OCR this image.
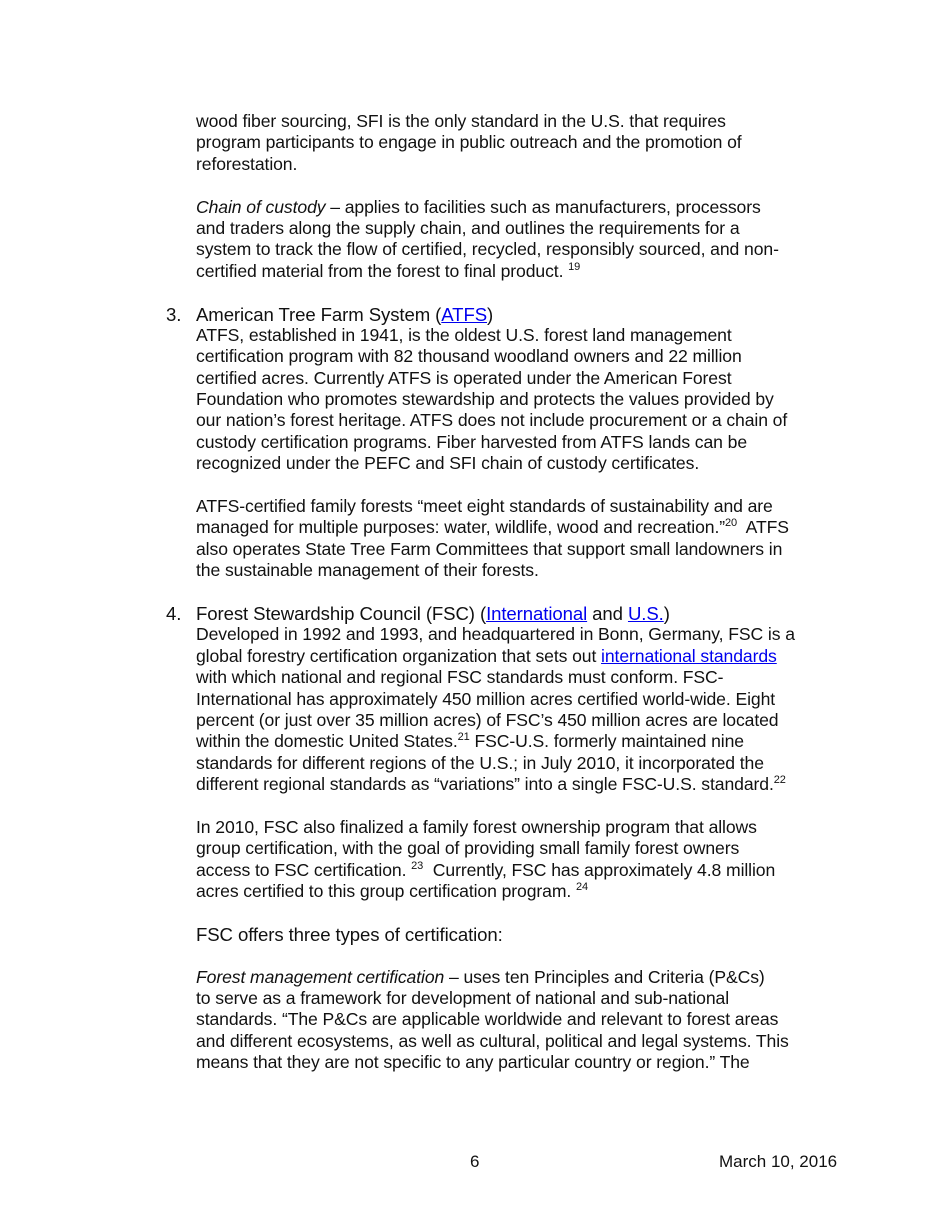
wood fiber sourcing, SFI is the only standard in the U.S. that requires
program participants to engage in public outreach and the promotion of
reforestation.
Chain of custody – applies to facilities such as manufacturers, processors
and traders along the supply chain, and outlines the requirements for a
system to track the flow of certified, recycled, responsibly sourced, and non-
certified material from the forest to final product. $^{19}$
3. American Tree Farm System (ATFS)
ATFS, established in 1941, is the oldest U.S. forest land management
certification program with 82 thousand woodland owners and 22 million
certified acres. Currently ATFS is operated under the American Forest
Foundation who promotes stewardship and protects the values provided by
our nation’s forest heritage. ATFS does not include procurement or a chain of
custody certification programs. Fiber harvested from ATFS lands can be
recognized under the PEFC and SFI chain of custody certificates.
ATFS-certified family forests “meet eight standards of sustainability and are
managed for multiple purposes: water, wildlife, wood and recreation.”$^{20}$  ATFS
also operates State Tree Farm Committees that support small landowners in
the sustainable management of their forests.
4. Forest Stewardship Council (FSC) (International and U.S.)
Developed in 1992 and 1993, and headquartered in Bonn, Germany, FSC is a
global forestry certification organization that sets out international standards
with which national and regional FSC standards must conform. FSC-
International has approximately 450 million acres certified world-wide. Eight
percent (or just over 35 million acres) of FSC’s 450 million acres are located
within the domestic United States.$^{21}$ FSC-U.S. formerly maintained nine
standards for different regions of the U.S.; in July 2010, it incorporated the
different regional standards as “variations” into a single FSC-U.S. standard.$^{22}$
In 2010, FSC also finalized a family forest ownership program that allows
group certification, with the goal of providing small family forest owners
access to FSC certification. $^{23}$  Currently, FSC has approximately 4.8 million
acres certified to this group certification program. $^{24}$
FSC offers three types of certification:
Forest management certification – uses ten Principles and Criteria (P&Cs)
to serve as a framework for development of national and sub-national
standards. “The P&Cs are applicable worldwide and relevant to forest areas
and different ecosystems, as well as cultural, political and legal systems. This
means that they are not specific to any particular country or region.” The
6	March 10, 2016
